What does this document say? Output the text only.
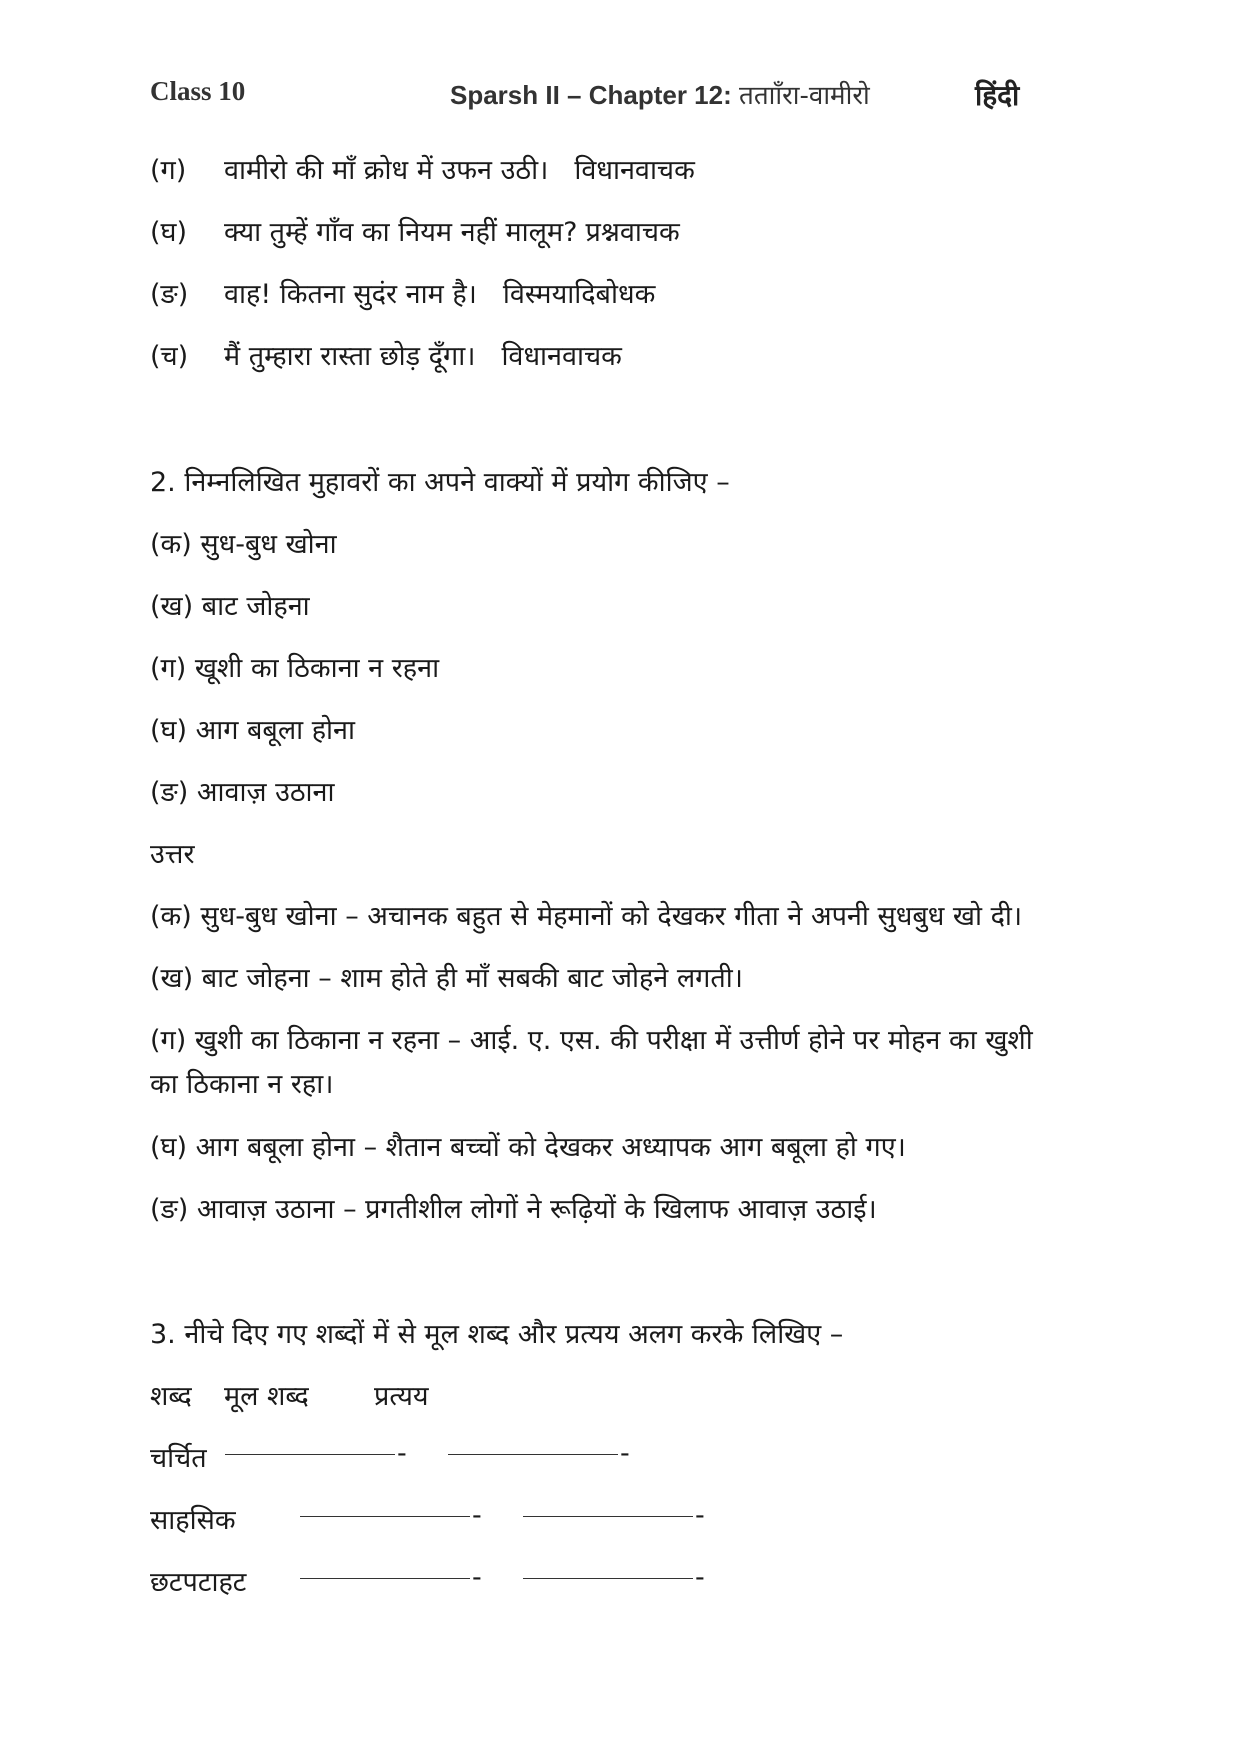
Class 10	Sparsh II – Chapter 12: ततााँरा-वामीरो	हिंदी
(ग) वामीरो की माँ क्रोध में उफन उठी। विधानवाचक
(घ) क्या तुम्हें गाँव का नियम नहीं मालूम? प्रश्नवाचक
(ङ) वाह! कितना सुदंर नाम है। विस्मयादिबोधक
(च) मैं तुम्हारा रास्ता छोड़ दूँगा। विधानवाचक
2. निम्नलिखित मुहावरों का अपने वाक्यों में प्रयोग कीजिए –
(क) सुध-बुध खोना
(ख) बाट जोहना
(ग) खूशी का ठिकाना न रहना
(घ) आग बबूला होना
(ङ) आवाज़ उठाना
उत्तर
(क) सुध-बुध खोना – अचानक बहुत से मेहमानों को देखकर गीता ने अपनी सुधबुध खो दी।
(ख) बाट जोहना – शाम होते ही माँ सबकी बाट जोहने लगती।
(ग) खुशी का ठिकाना न रहना – आई. ए. एस. की परीक्षा में उत्तीर्ण होने पर मोहन का खुशी
का ठिकाना न रहा।
(घ) आग बबूला होना – शैतान बच्चों को देखकर अध्यापक आग बबूला हो गए।
(ङ) आवाज़ उठाना – प्रगतीशील लोगों ने रूढ़ियों के खिलाफ आवाज़ उठाई।
3. नीचे दिए गए शब्दों में से मूल शब्द और प्रत्यय अलग करके लिखिए –
शब्द मूल शब्द प्रत्यय
चर्चित	-	-
साहसिक	-	-
छटपटाहट	-	-
